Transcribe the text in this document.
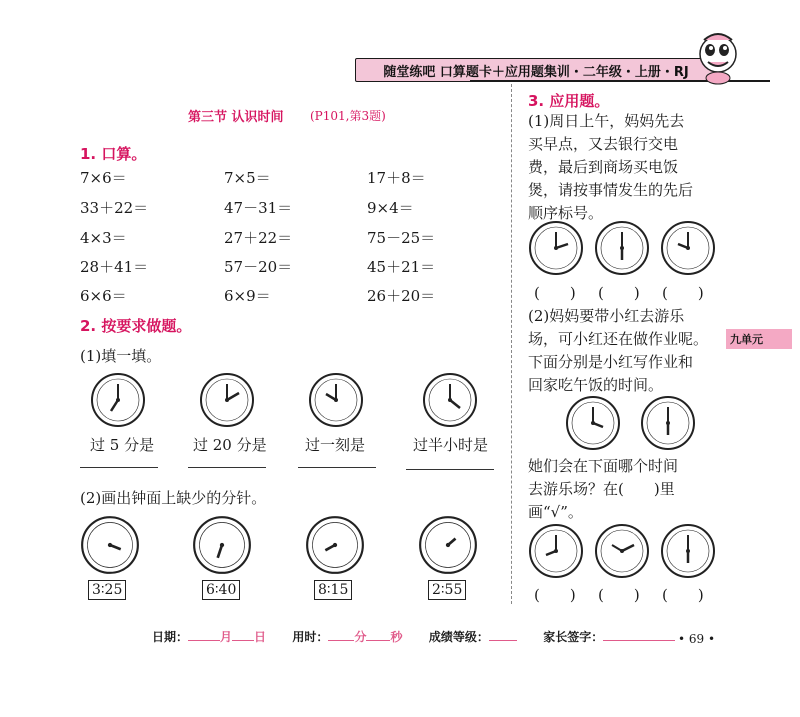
随堂练吧 口算题卡＋应用题集训・二年级・上册・RJ
第三节 认识时间 (P101,第3题)
1. 口算。
7×6＝	7×5＝	17＋8＝
33＋22＝	47－31＝	9×4＝
4×3＝	27＋22＝	75－25＝
28＋41＝	57－20＝	45＋21＝
6×6＝	6×9＝	26＋20＝
2. 按要求做题。
(1)填一填。
过 5 分是	过 20 分是	过一刻是	过半小时是
(2)画出钟面上缺少的分针。
3∶25	6∶40	8∶15	2∶55
3. 应用题。
(1)周日上午，妈妈先去
买早点，又去银行交电
费，最后到商场买电饭
煲，请按事情发生的先后
顺序标号。
(　　) (　　) (　　)
(2)妈妈要带小红去游乐
场，可小红还在做作业呢。
下面分别是小红写作业和
回家吃午饭的时间。
她们会在下面哪个时间
去游乐场？在(　　)里
画“√”。
(　　) (　　) (　　)
九单元
日期：	月 日 用时： 分 秒 成绩等级：	家长签字：	• 69 •
